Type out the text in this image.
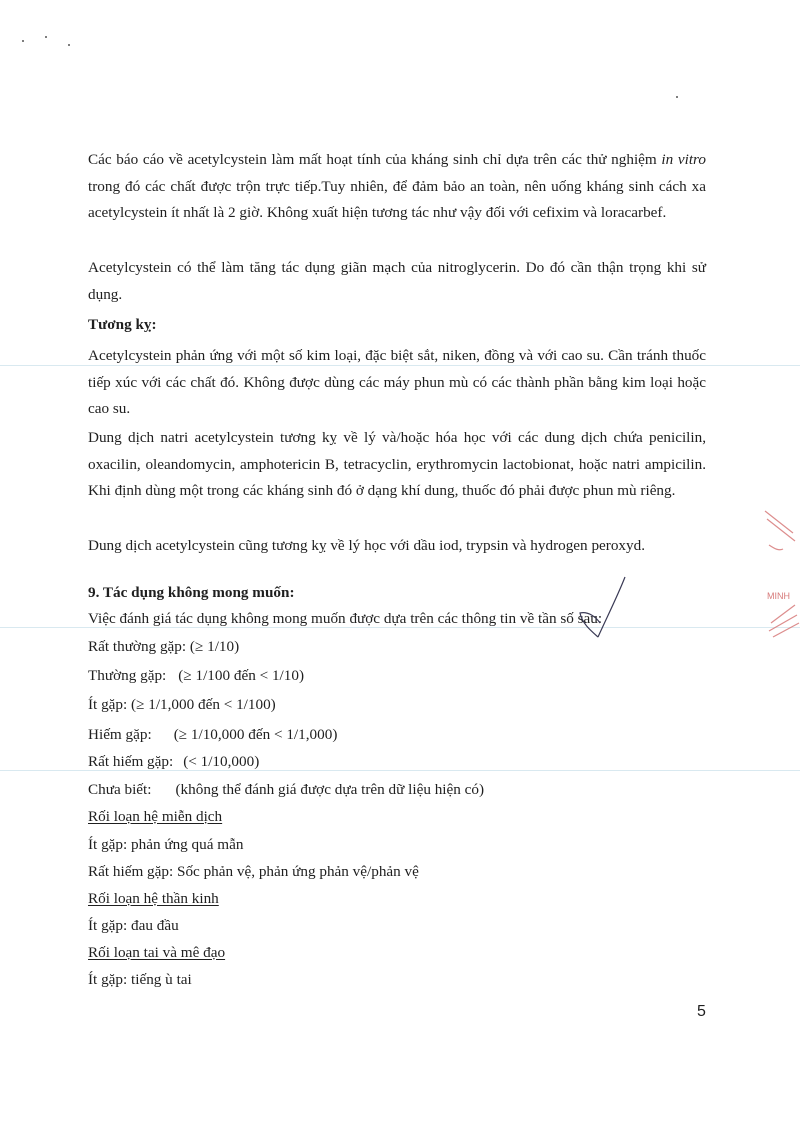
Các báo cáo về acetylcystein làm mất hoạt tính của kháng sinh chỉ dựa trên các thử nghiệm in vitro trong đó các chất được trộn trực tiếp.Tuy nhiên, để đảm bảo an toàn, nên uống kháng sinh cách xa acetylcystein ít nhất là 2 giờ. Không xuất hiện tương tác như vậy đối với cefixim và loracarbef.

Acetylcystein có thể làm tăng tác dụng giãn mạch của nitroglycerin. Do đó cần thận trọng khi sử dụng.

Tương kỵ:

Acetylcystein phản ứng với một số kim loại, đặc biệt sắt, niken, đồng và với cao su. Cần tránh thuốc tiếp xúc với các chất đó. Không được dùng các máy phun mù có các thành phần bằng kim loại hoặc cao su.

Dung dịch natri acetylcystein tương kỵ về lý và/hoặc hóa học với các dung dịch chứa penicilin, oxacilin, oleandomycin, amphotericin B, tetracyclin, erythromycin lactobionat, hoặc natri ampicilin. Khi định dùng một trong các kháng sinh đó ở dạng khí dung, thuốc đó phải được phun mù riêng.

Dung dịch acetylcystein cũng tương kỵ về lý học với dầu iod, trypsin và hydrogen peroxyd.

9. Tác dụng không mong muốn:

Việc đánh giá tác dụng không mong muốn được dựa trên các thông tin về tần số sau:

Rất thường gặp: (≥ 1/10)

Thường gặp: (≥ 1/100 đến < 1/10)

Ít gặp: (≥ 1/1,000 đến < 1/100)

Hiếm gặp: (≥ 1/10,000 đến < 1/1,000)

Rất hiếm gặp: (< 1/10,000)

Chưa biết: (không thể đánh giá được dựa trên dữ liệu hiện có)

Rối loạn hệ miễn dịch

Ít gặp: phản ứng quá mẫn

Rất hiếm gặp: Sốc phản vệ, phản ứng phản vệ/phản vệ

Rối loạn hệ thần kinh

Ít gặp: đau đầu

Rối loạn tai và mê đạo

Ít gặp: tiếng ù tai

5
MINH
